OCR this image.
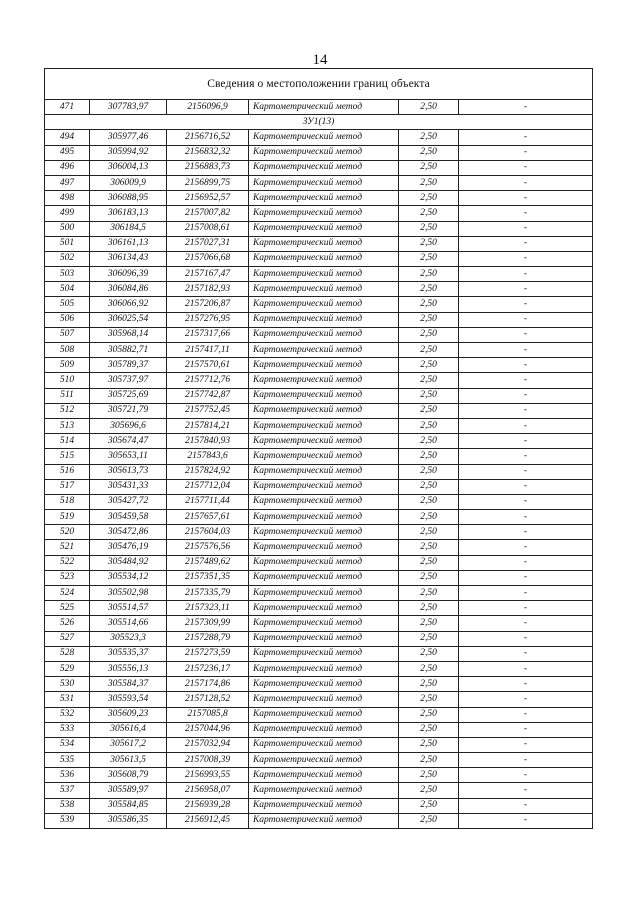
14
Сведения о местоположении границ объекта					
471	307783,97	2156096,9	Картометрический метод	2,50	-
ЗУ1(13)					
494	305977,46	2156716,52	Картометрический метод	2,50	-
495	305994,92	2156832,32	Картометрический метод	2,50	-
496	306004,13	2156883,73	Картометрический метод	2,50	-
497	306009,9	2156899,75	Картометрический метод	2,50	-
498	306088,95	2156952,57	Картометрический метод	2,50	-
499	306183,13	2157007,82	Картометрический метод	2,50	-
500	306184,5	2157008,61	Картометрический метод	2,50	-
501	306161,13	2157027,31	Картометрический метод	2,50	-
502	306134,43	2157066,68	Картометрический метод	2,50	-
503	306096,39	2157167,47	Картометрический метод	2,50	-
504	306084,86	2157182,93	Картометрический метод	2,50	-
505	306066,92	2157206,87	Картометрический метод	2,50	-
506	306025,54	2157276,95	Картометрический метод	2,50	-
507	305968,14	2157317,66	Картометрический метод	2,50	-
508	305882,71	2157417,11	Картометрический метод	2,50	-
509	305789,37	2157570,61	Картометрический метод	2,50	-
510	305737,97	2157712,76	Картометрический метод	2,50	-
511	305725,69	2157742,87	Картометрический метод	2,50	-
512	305721,79	2157752,45	Картометрический метод	2,50	-
513	305696,6	2157814,21	Картометрический метод	2,50	-
514	305674,47	2157840,93	Картометрический метод	2,50	-
515	305653,11	2157843,6	Картометрический метод	2,50	-
516	305613,73	2157824,92	Картометрический метод	2,50	-
517	305431,33	2157712,04	Картометрический метод	2,50	-
518	305427,72	2157711,44	Картометрический метод	2,50	-
519	305459,58	2157657,61	Картометрический метод	2,50	-
520	305472,86	2157604,03	Картометрический метод	2,50	-
521	305476,19	2157576,56	Картометрический метод	2,50	-
522	305484,92	2157489,62	Картометрический метод	2,50	-
523	305534,12	2157351,35	Картометрический метод	2,50	-
524	305502,98	2157335,79	Картометрический метод	2,50	-
525	305514,57	2157323,11	Картометрический метод	2,50	-
526	305514,66	2157309,99	Картометрический метод	2,50	-
527	305523,3	2157288,79	Картометрический метод	2,50	-
528	305535,37	2157273,59	Картометрический метод	2,50	-
529	305556,13	2157236,17	Картометрический метод	2,50	-
530	305584,37	2157174,86	Картометрический метод	2,50	-
531	305593,54	2157128,52	Картометрический метод	2,50	-
532	305609,23	2157085,8	Картометрический метод	2,50	-
533	305616,4	2157044,96	Картометрический метод	2,50	-
534	305617,2	2157032,94	Картометрический метод	2,50	-
535	305613,5	2157008,39	Картометрический метод	2,50	-
536	305608,79	2156993,55	Картометрический метод	2,50	-
537	305589,97	2156958,07	Картометрический метод	2,50	-
538	305584,85	2156939,28	Картометрический метод	2,50	-
539	305586,35	2156912,45	Картометрический метод	2,50	-
